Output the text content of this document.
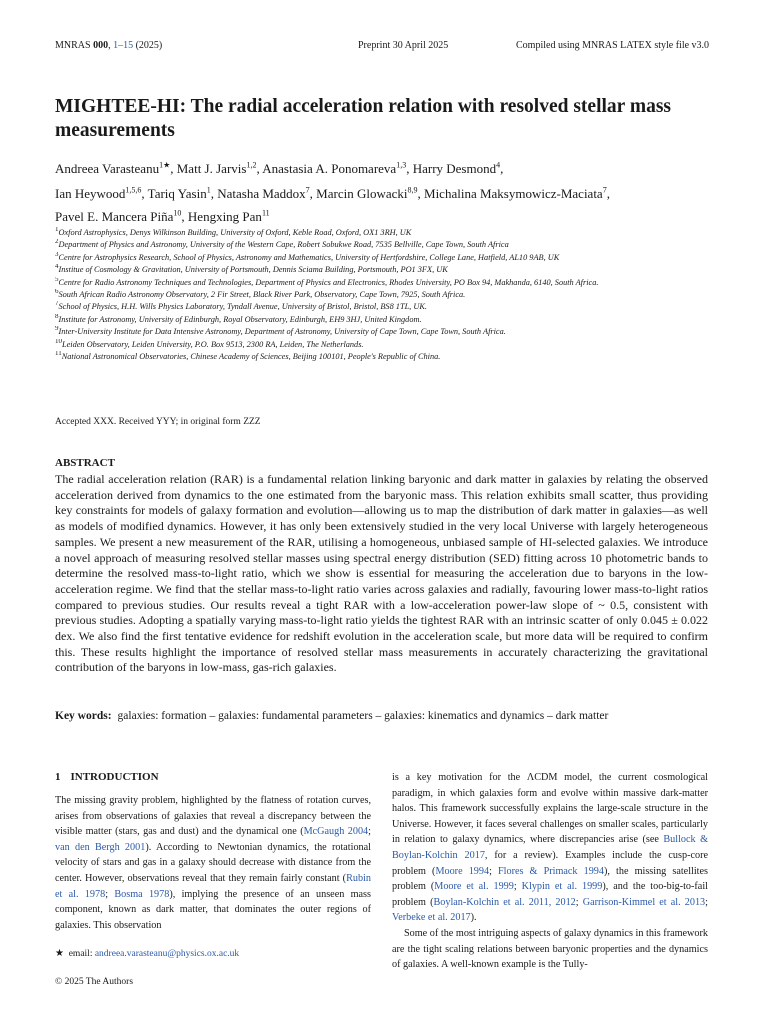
MNRAS 000, 1–15 (2025)	Preprint 30 April 2025	Compiled using MNRAS LATEX style file v3.0
MIGHTEE-HI: The radial acceleration relation with resolved stellar mass measurements
Andreea Varasteanu$^{1★}$, Matt J. Jarvis$^{1,2}$, Anastasia A. Ponomareva$^{1,3}$, Harry Desmond$^4$,
Ian Heywood$^{1,5,6}$, Tariq Yasin$^1$, Natasha Maddox$^7$, Marcin Glowacki$^{8,9}$, Michalina Maksymowicz-Maciata$^7$,
Pavel E. Mancera Piña$^{10}$, Hengxing Pan$^{11}$
$^1$Oxford Astrophysics, Denys Wilkinson Building, University of Oxford, Keble Road, Oxford, OX1 3RH, UK
$^2$Department of Physics and Astronomy, University of the Western Cape, Robert Sobukwe Road, 7535 Bellville, Cape Town, South Africa
$^3$Centre for Astrophysics Research, School of Physics, Astronomy and Mathematics, University of Hertfordshire, College Lane, Hatfield, AL10 9AB, UK
$^4$Institue of Cosmology & Gravitation, University of Portsmouth, Dennis Sciama Building, Portsmouth, PO1 3FX, UK
$^5$Centre for Radio Astronomy Techniques and Technologies, Department of Physics and Electronics, Rhodes University, PO Box 94, Makhanda, 6140, South Africa.
$^6$South African Radio Astronomy Observatory, 2 Fir Street, Black River Park, Observatory, Cape Town, 7925, South Africa.
$^7$School of Physics, H.H. Wills Physics Laboratory, Tyndall Avenue, University of Bristol, Bristol, BS8 1TL, UK.
$^8$Institute for Astronomy, University of Edinburgh, Royal Observatory, Edinburgh, EH9 3HJ, United Kingdom.
$^9$Inter-University Institute for Data Intensive Astronomy, Department of Astronomy, University of Cape Town, Cape Town, South Africa.
$^{10}$Leiden Observatory, Leiden University, P.O. Box 9513, 2300 RA, Leiden, The Netherlands.
$^{11}$National Astronomical Observatories, Chinese Academy of Sciences, Beijing 100101, People's Republic of China.
Accepted XXX. Received YYY; in original form ZZZ
ABSTRACT
The radial acceleration relation (RAR) is a fundamental relation linking baryonic and dark matter in galaxies by relating the observed acceleration derived from dynamics to the one estimated from the baryonic mass. This relation exhibits small scatter, thus providing key constraints for models of galaxy formation and evolution—allowing us to map the distribution of dark matter in galaxies—as well as models of modified dynamics. However, it has only been extensively studied in the very local Universe with largely heterogeneous samples. We present a new measurement of the RAR, utilising a homogeneous, unbiased sample of HI-selected galaxies. We introduce a novel approach of measuring resolved stellar masses using spectral energy distribution (SED) fitting across 10 photometric bands to determine the resolved mass-to-light ratio, which we show is essential for measuring the acceleration due to baryons in the low-acceleration regime. We find that the stellar mass-to-light ratio varies across galaxies and radially, favouring lower mass-to-light ratios compared to previous studies. Our results reveal a tight RAR with a low-acceleration power-law slope of ~ 0.5, consistent with previous studies. Adopting a spatially varying mass-to-light ratio yields the tightest RAR with an intrinsic scatter of only 0.045 ± 0.022 dex. We also find the first tentative evidence for redshift evolution in the acceleration scale, but more data will be required to confirm this. These results highlight the importance of resolved stellar mass measurements in accurately characterizing the gravitational contribution of the baryons in low-mass, gas-rich galaxies.
Key words: galaxies: formation – galaxies: fundamental parameters – galaxies: kinematics and dynamics – dark matter
1 INTRODUCTION

The missing gravity problem, highlighted by the flatness of rotation curves, arises from observations of galaxies that reveal a discrepancy between the visible matter (stars, gas and dust) and the dynamical one (McGaugh 2004; van den Bergh 2001). According to Newtonian dynamics, the rotational velocity of stars and gas in a galaxy should decrease with distance from the center. However, observations reveal that they remain fairly constant (Rubin et al. 1978; Bosma 1978), implying the presence of an unseen mass component, known as dark matter, that dominates the outer regions of galaxies. This observation

is a key motivation for the ΛCDM model, the current cosmological paradigm, in which galaxies form and evolve within massive dark-matter halos. This framework successfully explains the large-scale structure in the Universe. However, it faces several challenges on smaller scales, particularly in relation to galaxy dynamics, where discrepancies arise (see Bullock & Boylan-Kolchin 2017, for a review). Examples include the cusp-core problem (Moore 1994; Flores & Primack 1994), the missing satellites problem (Moore et al. 1999; Klypin et al. 1999), and the too-big-to-fail problem (Boylan-Kolchin et al. 2011, 2012; Garrison-Kimmel et al. 2013; Verbeke et al. 2017).

Some of the most intriguing aspects of galaxy dynamics in this framework are the tight scaling relations between baryonic properties and the dynamics of galaxies. A well-known example is the Tully-

★ email: andreea.varasteanu@physics.ox.ac.uk
© 2025 The Authors
